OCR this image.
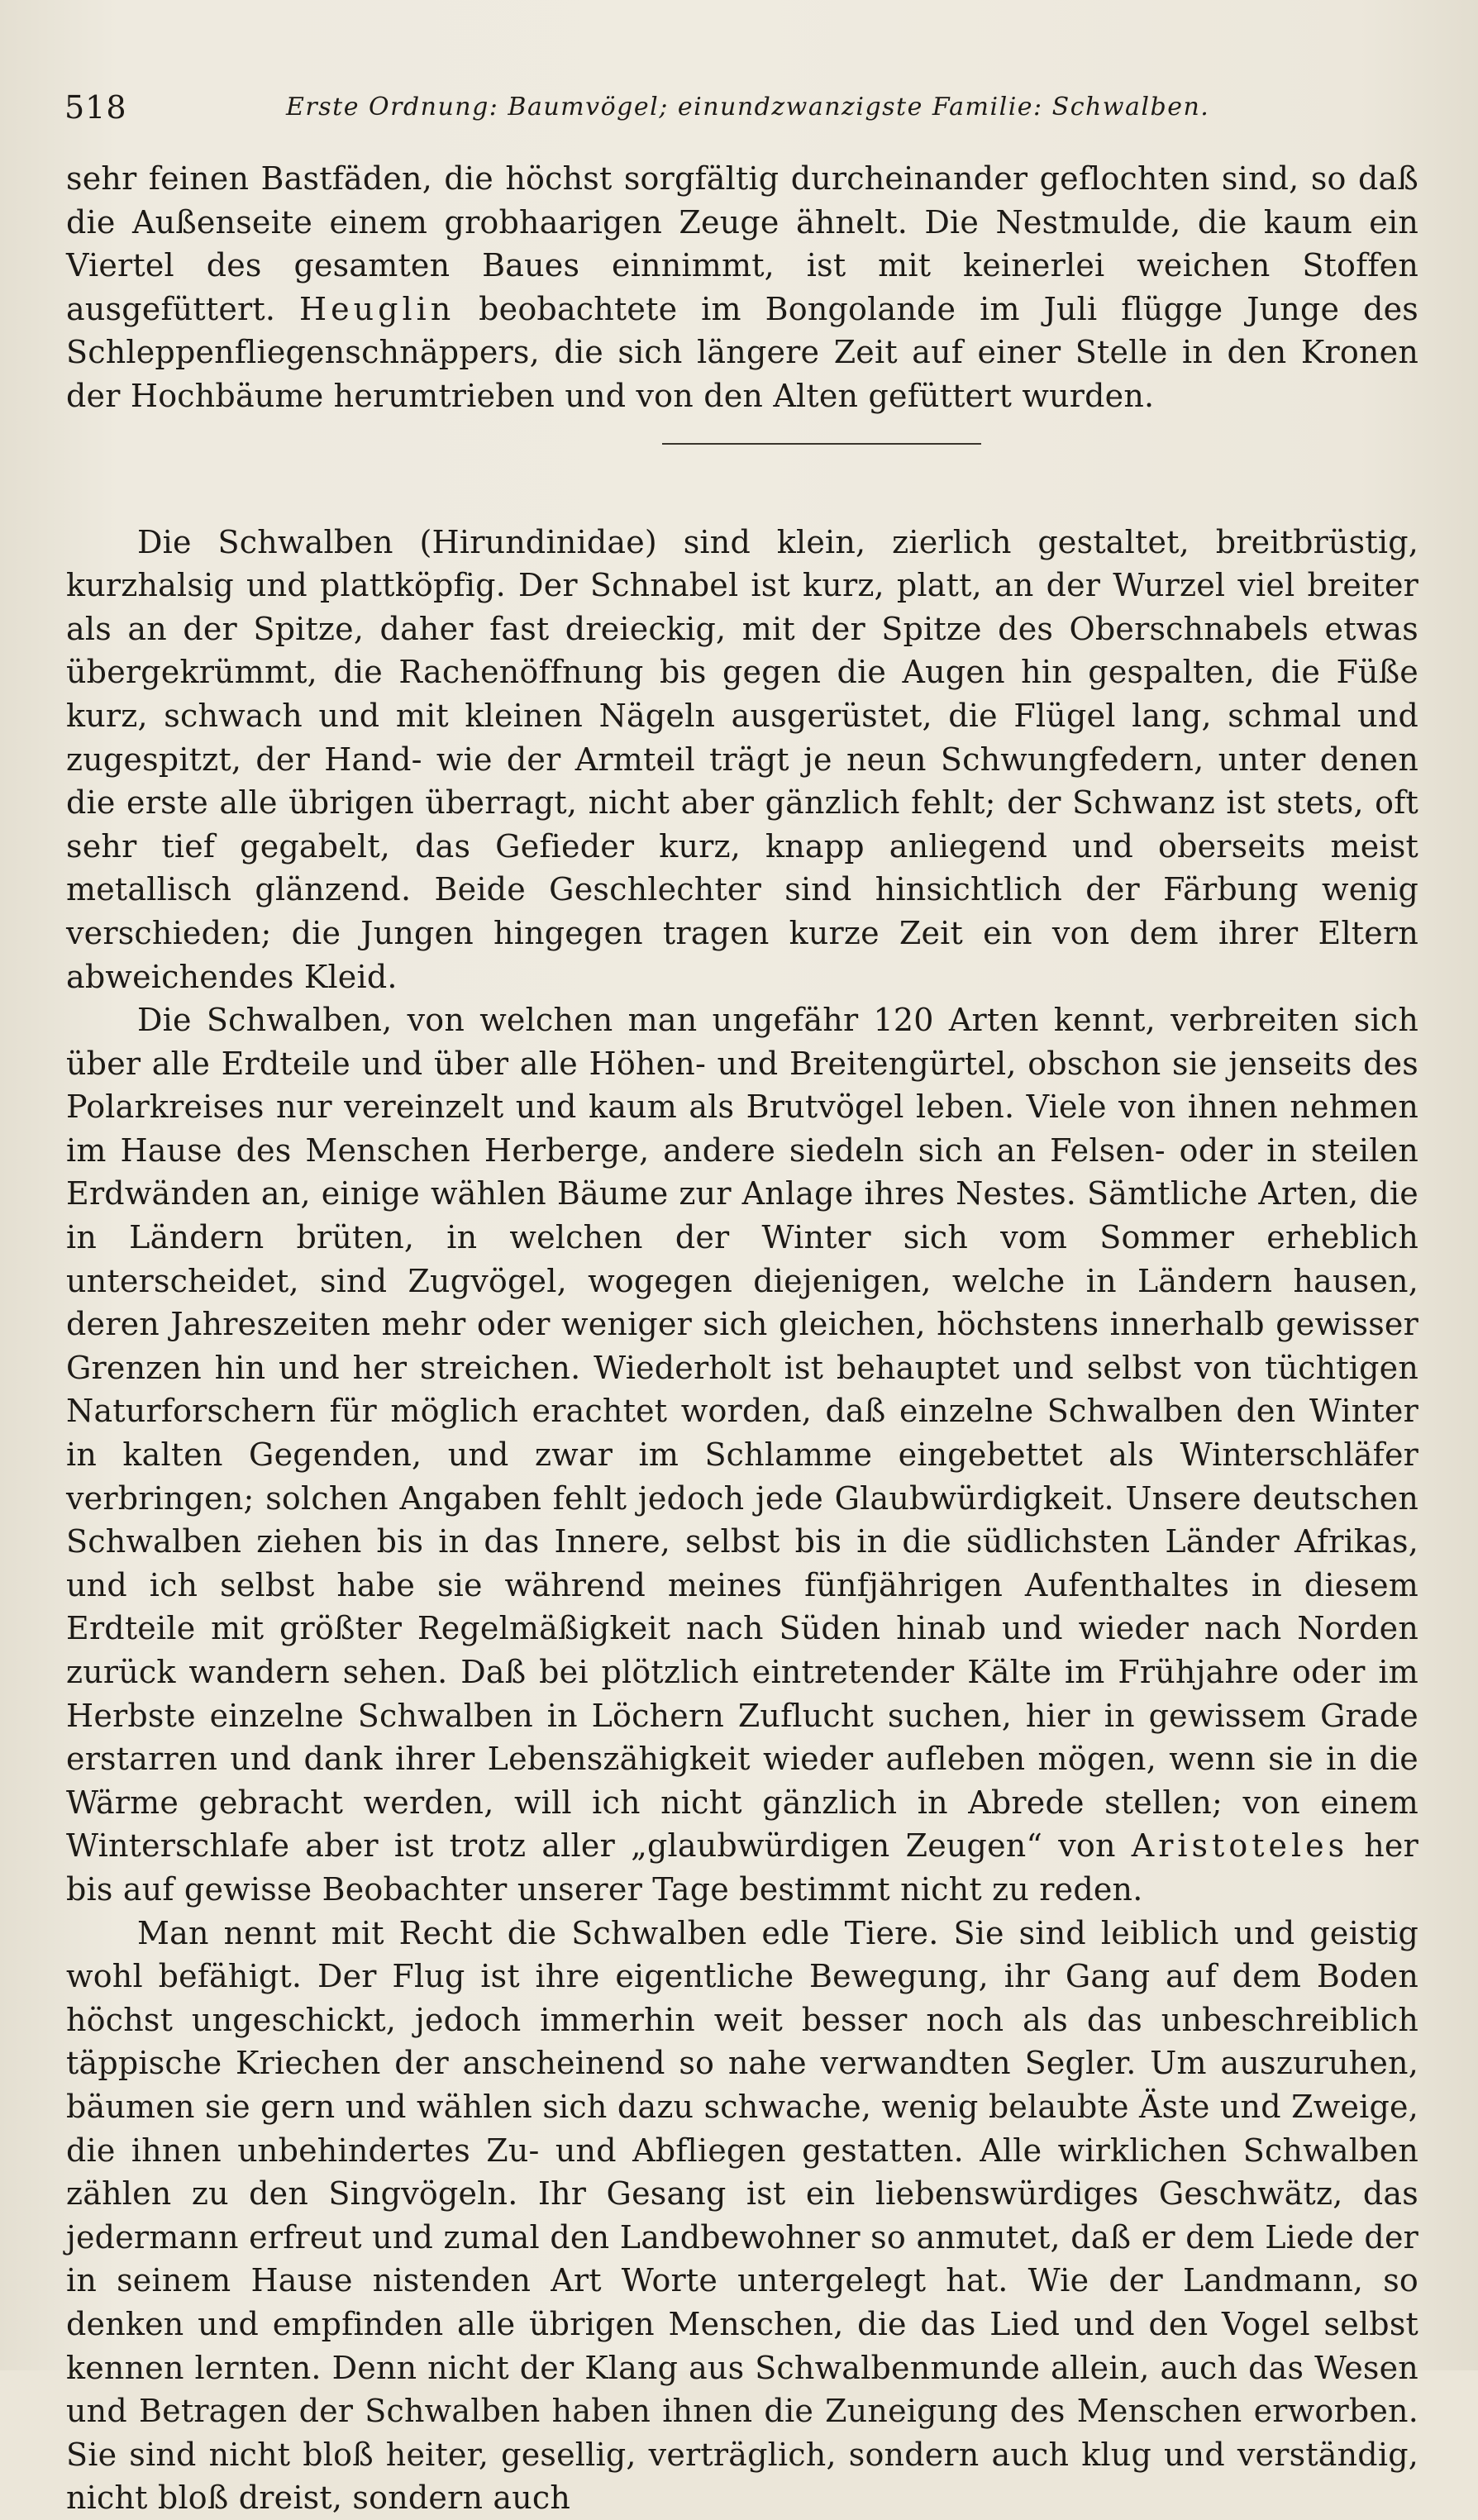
518	Erste Ordnung: Baumvögel; einundzwanzigste Familie: Schwalben.

sehr feinen Bastfäden, die höchst sorgfältig durcheinander geflochten sind, so daß die Außenseite einem grobhaarigen Zeuge ähnelt. Die Nestmulde, die kaum ein Viertel des gesamten Baues einnimmt, ist mit keinerlei weichen Stoffen ausgefüttert. Heuglin beobachtete im Bongolande im Juli flügge Junge des Schleppenfliegenschnäppers, die sich längere Zeit auf einer Stelle in den Kronen der Hochbäume herumtrieben und von den Alten gefüttert wurden.

Die Schwalben (Hirundinidae) sind klein, zierlich gestaltet, breitbrüstig, kurzhalsig und plattköpfig. Der Schnabel ist kurz, platt, an der Wurzel viel breiter als an der Spitze, daher fast dreieckig, mit der Spitze des Oberschnabels etwas übergekrümmt, die Rachenöffnung bis gegen die Augen hin gespalten, die Füße kurz, schwach und mit kleinen Nägeln ausgerüstet, die Flügel lang, schmal und zugespitzt, der Hand- wie der Armteil trägt je neun Schwungfedern, unter denen die erste alle übrigen überragt, nicht aber gänzlich fehlt; der Schwanz ist stets, oft sehr tief gegabelt, das Gefieder kurz, knapp anliegend und oberseits meist metallisch glänzend. Beide Geschlechter sind hinsichtlich der Färbung wenig verschieden; die Jungen hingegen tragen kurze Zeit ein von dem ihrer Eltern abweichendes Kleid.

Die Schwalben, von welchen man ungefähr 120 Arten kennt, verbreiten sich über alle Erdteile und über alle Höhen- und Breitengürtel, obschon sie jenseits des Polarkreises nur vereinzelt und kaum als Brutvögel leben. Viele von ihnen nehmen im Hause des Menschen Herberge, andere siedeln sich an Felsen- oder in steilen Erdwänden an, einige wählen Bäume zur Anlage ihres Nestes. Sämtliche Arten, die in Ländern brüten, in welchen der Winter sich vom Sommer erheblich unterscheidet, sind Zugvögel, wogegen diejenigen, welche in Ländern hausen, deren Jahreszeiten mehr oder weniger sich gleichen, höchstens innerhalb gewisser Grenzen hin und her streichen. Wiederholt ist behauptet und selbst von tüchtigen Naturforschern für möglich erachtet worden, daß einzelne Schwalben den Winter in kalten Gegenden, und zwar im Schlamme eingebettet als Winterschläfer verbringen; solchen Angaben fehlt jedoch jede Glaubwürdigkeit. Unsere deutschen Schwalben ziehen bis in das Innere, selbst bis in die südlichsten Länder Afrikas, und ich selbst habe sie während meines fünfjährigen Aufenthaltes in diesem Erdteile mit größter Regelmäßigkeit nach Süden hinab und wieder nach Norden zurück wandern sehen. Daß bei plötzlich eintretender Kälte im Frühjahre oder im Herbste einzelne Schwalben in Löchern Zuflucht suchen, hier in gewissem Grade erstarren und dank ihrer Lebenszähigkeit wieder aufleben mögen, wenn sie in die Wärme gebracht werden, will ich nicht gänzlich in Abrede stellen; von einem Winterschlafe aber ist trotz aller „glaubwürdigen Zeugen“ von Aristoteles her bis auf gewisse Beobachter unserer Tage bestimmt nicht zu reden.

Man nennt mit Recht die Schwalben edle Tiere. Sie sind leiblich und geistig wohl befähigt. Der Flug ist ihre eigentliche Bewegung, ihr Gang auf dem Boden höchst ungeschickt, jedoch immerhin weit besser noch als das unbeschreiblich täppische Kriechen der anscheinend so nahe verwandten Segler. Um auszuruhen, bäumen sie gern und wählen sich dazu schwache, wenig belaubte Äste und Zweige, die ihnen unbehindertes Zu- und Abfliegen gestatten. Alle wirklichen Schwalben zählen zu den Singvögeln. Ihr Gesang ist ein liebenswürdiges Geschwätz, das jedermann erfreut und zumal den Landbewohner so anmutet, daß er dem Liede der in seinem Hause nistenden Art Worte untergelegt hat. Wie der Landmann, so denken und empfinden alle übrigen Menschen, die das Lied und den Vogel selbst kennen lernten. Denn nicht der Klang aus Schwalbenmunde allein, auch das Wesen und Betragen der Schwalben haben ihnen die Zuneigung des Menschen erworben. Sie sind nicht bloß heiter, gesellig, verträglich, sondern auch klug und verständig, nicht bloß dreist, sondern auch
